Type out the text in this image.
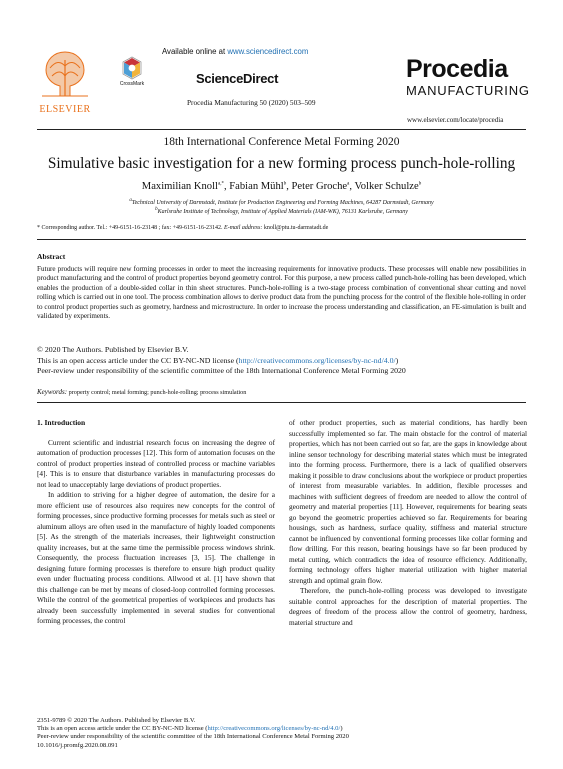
ELSEVIER
Available online at www.sciencedirect.com
CrossMark	ScienceDirect
Procedia Manufacturing 50 (2020) 503–509
Procedia
MANUFACTURING
www.elsevier.com/locate/procedia
18th International Conference Metal Forming 2020
Simulative basic investigation for a new forming process punch-hole-rolling
Maximilian Knoll$^{a,*}$, Fabian Mühl$^b$, Peter Groche$^a$, Volker Schulze$^b$
$^a$Technical University of Darmstadt, Institute for Production Engineering and Forming Machines, 64287 Darmstadt, Germany
$^b$Karlsruhe Institute of Technology, Institute of Applied Materials (IAM-WK), 76131 Karlsruhe, Germany
* Corresponding author. Tel.: +49-6151-16-23148 ; fax: +49-6151-16-23142. E-mail address: knoll@ptu.tu-darmstadt.de
Abstract
Future products will require new forming processes in order to meet the increasing requirements for innovative products. These processes will enable new possibilities in product manufacturing and the control of product properties beyond geometry control. For this purpose, a new process called punch-hole-rolling has been developed, which enables the production of a double-sided collar in thin sheet structures. Punch-hole-rolling is a two-stage process combination of conventional shear cutting and novel rolling which is carried out in one tool. The process combination allows to derive product data from the punching process for the control of the flexible hole-rolling in order to control product properties such as geometry, hardness and microstructure. In order to increase the process understanding and classification, an FE-simulation is built and validated by experiments.
© 2020 The Authors. Published by Elsevier B.V.
This is an open access article under the CC BY-NC-ND license (http://creativecommons.org/licenses/by-nc-nd/4.0/)
Peer-review under responsibility of the scientific committee of the 18th International Conference Metal Forming 2020
Keywords: property control; metal forming; punch-hole-rolling; process simulation
1. Introduction

Current scientific and industrial research focus on increasing the degree of automation of production processes [12]. This form of automation focuses on the control of product properties instead of controlled process or machine variables [4]. This is to ensure that disturbance variables in manufacturing processes do not lead to unacceptably large deviations of product properties.

In addition to striving for a higher degree of automation, the desire for a more efficient use of resources also requires new concepts for the control of forming processes, since productive forming processes for metals such as steel or aluminum alloys are often used in the manufacture of highly loaded components [5]. As the strength of the materials increases, their lightweight construction quality increases, but at the same time the permissible process windows shrink. Consequently, the process fluctuation increases [3, 15]. The challenge in designing future forming processes is therefore to ensure high product quality even under fluctuating process conditions. Allwood et al. [1] have shown that this challenge can be met by means of closed-loop controlled forming processes. While the control of the geometrical properties of workpieces and products has already been successfully implemented in several studies for conventional forming processes, the control

of other product properties, such as material conditions, has hardly been successfully implemented so far. The main obstacle for the control of material properties, which has not been carried out so far, are the gaps in knowledge about inline sensor technology for describing material states which must be integrated into the forming process. Furthermore, there is a lack of qualified observers making it possible to draw conclusions about the workpiece or product properties of interest from measurable variables. In addition, flexible processes and machines with sufficient degrees of freedom are needed to allow the control of geometry and material properties [11]. However, requirements for bearing seats go beyond the geometric properties achieved so far. Requirements for bearing housings, such as hardness, surface quality, stiffness and material structure cannot be influenced by conventional forming processes like collar forming and flow drilling. For this reason, bearing housings have so far been produced by metal cutting, which contradicts the idea of resource efficiency. Additionally, forming technology offers higher material utilization with higher material strength and optimal grain flow.

Therefore, the punch-hole-rolling process was developed to investigate suitable control approaches for the description of material properties. The degrees of freedom of the process allow the control of geometry, hardness, material structure and

2351-9789 © 2020 The Authors. Published by Elsevier B.V.
This is an open access article under the CC BY-NC-ND license (http://creativecommons.org/licenses/by-nc-nd/4.0/)
Peer-review under responsibility of the scientific committee of the 18th International Conference Metal Forming 2020
10.1016/j.promfg.2020.08.091
